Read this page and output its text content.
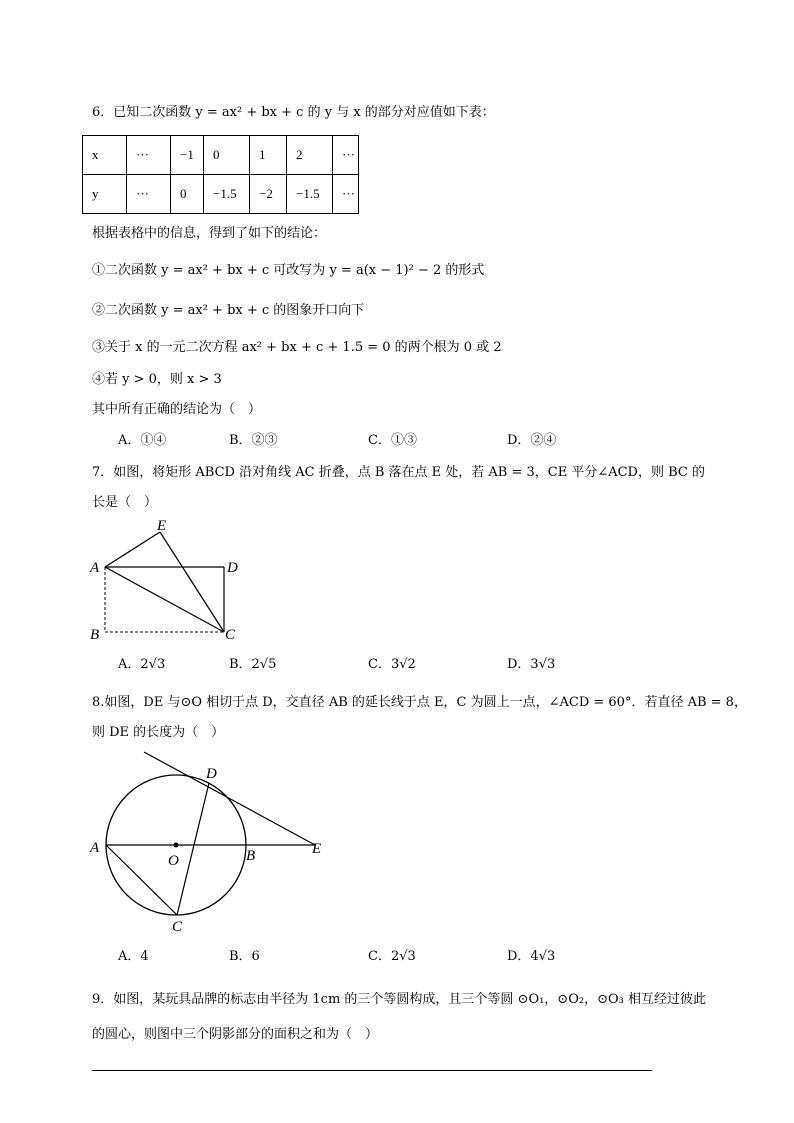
6．已知二次函数 y = ax² + bx + c 的 y 与 x 的部分对应值如下表：
x	···	−1	0	1	2	···
y	···	0	−1.5	−2	−1.5	···
根据表格中的信息，得到了如下的结论：
①二次函数 y = ax² + bx + c 可改写为 y = a(x − 1)² − 2 的形式
②二次函数 y = ax² + bx + c 的图象开口向下
③关于 x 的一元二次方程 ax² + bx + c + 1.5 = 0 的两个根为 0 或 2
④若 y > 0，则 x > 3
其中所有正确的结论为（　）
A．①④	B．②③	C．①③	D．②④
7．如图，将矩形 ABCD 沿对角线 AC 折叠，点 B 落在点 E 处，若 AB = 3，CE 平分∠ACD，则 BC 的
长是（　）
E
A	D
B	C
A．2√3	B．2√5	C．3√2	D．3√3
8.如图，DE 与⊙O 相切于点 D，交直径 AB 的延长线于点 E，C 为圆上一点，∠ACD = 60°．若直径 AB = 8，
则 DE 的长度为（　）
D
A
O	B	E
C
A．4	B．6	C．2√3	D．4√3
9．如图，某玩具品牌的标志由半径为 1cm 的三个等圆构成，且三个等圆 ⊙O₁，⊙O₂，⊙O₃ 相互经过彼此
的圆心，则图中三个阴影部分的面积之和为（　）
